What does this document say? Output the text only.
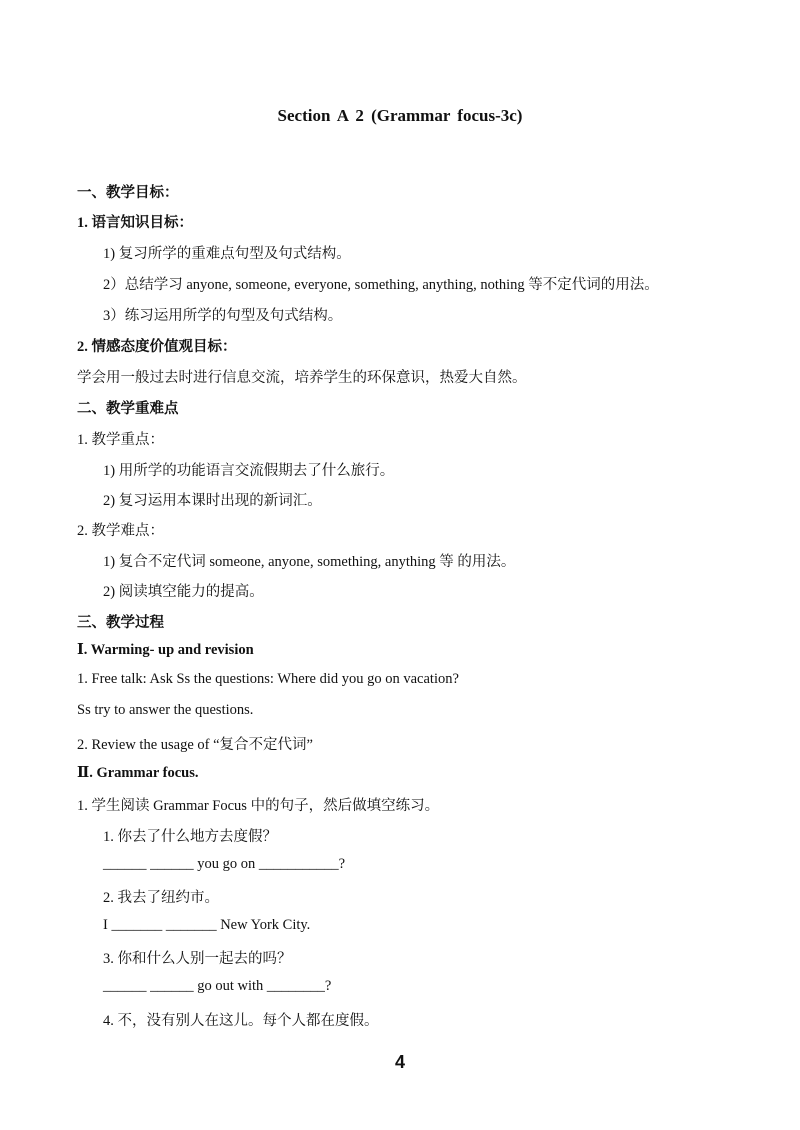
Section A 2 (Grammar focus-3c)
一、教学目标：
1. 语言知识目标：
1) 复习所学的重难点句型及句式结构。
2）总结学习 anyone, someone, everyone, something, anything, nothing 等不定代词的用法。
3）练习运用所学的句型及句式结构。
2. 情感态度价值观目标：
学会用一般过去时进行信息交流，培养学生的环保意识，热爱大自然。
二、教学重难点
1. 教学重点：
1) 用所学的功能语言交流假期去了什么旅行。
2) 复习运用本课时出现的新词汇。
2. 教学难点：
1) 复合不定代词 someone, anyone, something, anything 等 的用法。
2) 阅读填空能力的提高。
三、教学过程
Ⅰ. Warming- up and revision
1. Free talk: Ask Ss the questions: Where did you go on vacation?
Ss try to answer the questions.
2. Review the usage of “复合不定代词”
Ⅱ. Grammar focus.
1. 学生阅读 Grammar Focus 中的句子，然后做填空练习。
1. 你去了什么地方去度假？
______ ______ you go on ___________?
2. 我去了纽约市。
I _______ _______ New York City.
3. 你和什么人别一起去的吗？
______ ______ go out with ________?
4. 不，没有别人在这儿。每个人都在度假。
4
